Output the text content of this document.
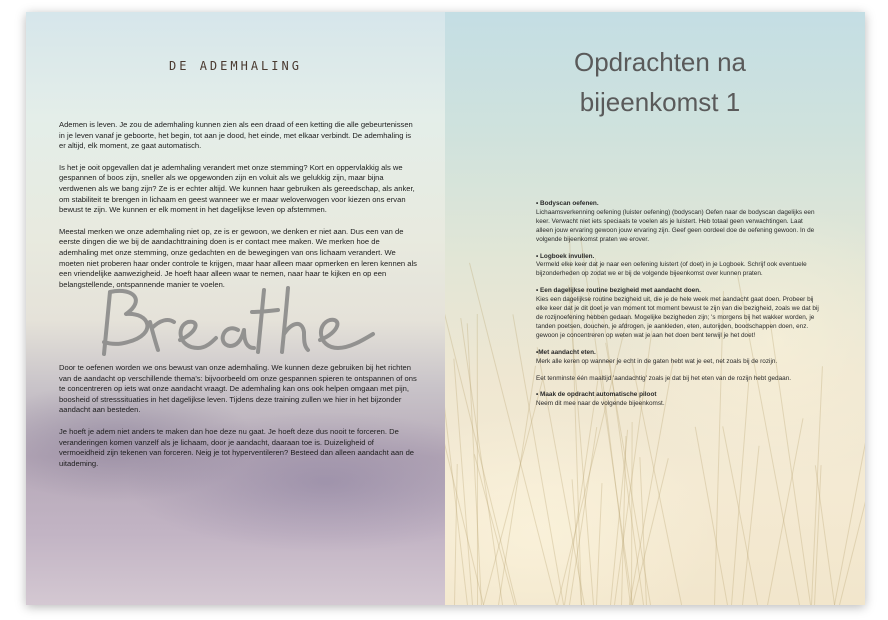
DE ADEMHALING

Ademen is leven. Je zou de ademhaling kunnen zien als een draad of een ketting die alle gebeurtenissen in je leven vanaf je geboorte, het begin, tot aan je dood, het einde, met elkaar verbindt. De ademhaling is er altijd, elk moment, ze gaat automatisch.

Is het je ooit opgevallen dat je ademhaling verandert met onze stemming? Kort en oppervlakkig als we gespannen of boos zijn, sneller als we opgewonden zijn en voluit als we gelukkig zijn, maar bijna verdwenen als we bang zijn? Ze is er echter altijd. We kunnen haar gebruiken als gereedschap, als anker, om stabiliteit te brengen in lichaam en geest wanneer we er maar weloverwogen voor kiezen ons ervan bewust te zijn. We kunnen er elk moment in het dagelijkse leven op afstemmen.

Meestal merken we onze ademhaling niet op, ze is er gewoon, we denken er niet aan. Dus een van de eerste dingen die we bij de aandachttraining doen is er contact mee maken. We merken hoe de ademhaling met onze stemming, onze gedachten en de bewegingen van ons lichaam verandert. We moeten niet proberen haar onder controle te krijgen, maar haar alleen maar opmerken en leren kennen als een vriendelijke aanwezigheid. Je hoeft haar alleen waar te nemen, naar haar te kijken en op een belangstellende, ontspannende manier te voelen.

Door te oefenen worden we ons bewust van onze ademhaling. We kunnen deze gebruiken bij het richten van de aandacht op verschillende thema's: bijvoorbeeld om onze gespannen spieren te ontspannen of ons te concentreren op iets wat onze aandacht vraagt. De ademhaling kan ons ook helpen omgaan met pijn, boosheid of stresssituaties in het dagelijkse leven. Tijdens deze training zullen we hier in het bijzonder aandacht aan besteden.

Je hoeft je adem niet anders te maken dan hoe deze nu gaat. Je hoeft deze dus nooit te forceren. De veranderingen komen vanzelf als je lichaam, door je aandacht, daaraan toe is. Duizeligheid of vermoeidheid zijn tekenen van forceren. Neig je tot hyperventileren? Besteed dan alleen aandacht aan de uitademing.

Opdrachten na
bijeenkomst 1
• Bodyscan oefenen.
Lichaamsverkenning oefening (luister oefening) (bodyscan) Oefen naar de bodyscan dagelijks een keer. Verwacht niet iets speciaals te voelen als je luistert. Heb totaal geen verwachtingen. Laat alleen jouw ervaring gewoon jouw ervaring zijn. Geef geen oordeel doe de oefening gewoon. In de volgende bijeenkomst praten we erover.
• Logboek invullen.
Vermeld elke keer dat je naar een oefening luistert (of doet) in je Logboek. Schrijf ook eventuele bijzonderheden op zodat we er bij de volgende bijeenkomst over kunnen praten.
• Een dagelijkse routine bezigheid met aandacht doen.
Kies een dagelijkse routine bezigheid uit, die je de hele week met aandacht gaat doen. Probeer bij elke keer dat je dit doet je van moment tot moment bewust te zijn van die bezigheid, zoals we dat bij de rozijnoefening hebben gedaan. Mogelijke bezigheden zijn; 's morgens bij het wakker worden, je tanden poetsen, douchen, je afdrogen, je aankleden, eten, autorijden, boodschappen doen, enz. gewoon je concentreren op weten wat je aan het doen bent terwijl je het doet!
•Met aandacht eten.
Merk alle keren op wanneer je echt in de gaten hebt wat je eet, net zoals bij de rozijn.
Eet tenminste één maaltijd 'aandachtig' zoals je dat bij het eten van de rozijn hebt gedaan.
• Maak de opdracht automatische piloot
Neem dit mee naar de volgende bijeenkomst.
